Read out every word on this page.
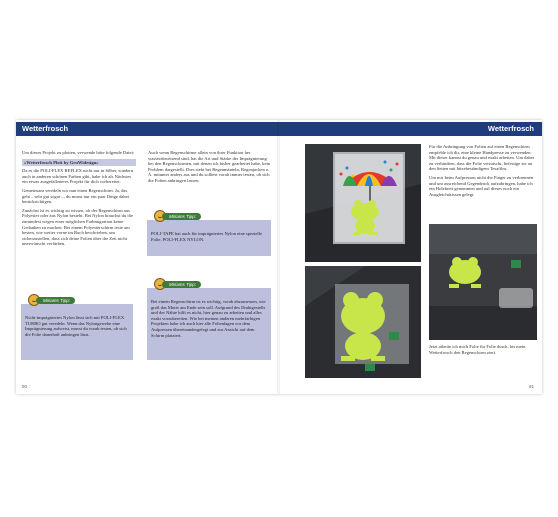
Wetterfrosch

Um dieses Projekt zu plotten, verwende bitte folgende Datei:

»Wetterfrosch Plott by GruWidesign«

Da es die POLI-FLEX REFLEX nicht nur in Silber, sondern auch in anderen schönen Farben gibt, habe ich als Nächstes ein etwas ausgefalleneres Projekt für dich vorbereitet.

Gemeinsam veredeln wir nun einen Regenschirm. Ja, das geht – sehr gut sogar –, du musst nur ein paar Dinge dabei berücksichtigen.

Zunächst ist es wichtig zu wissen, ob der Regenschirm aus Polyester oder aus Nylon besteht. Bei Nylon brauchst du die zumindest wegen einer möglichen Farbmigration keine Gedanken zu machen. Bei einem Polyesterschirm teste am besten, wie weiter vorne im Buch beschrieben, um sicherzustellen, dass sich deine Folien über die Zeit nicht unerwünscht verfärben.

Nicht-imprägniertes Nylon lässt sich mit POLI-FLEX TURBO gut veredeln. Wenn das Nylongewebe eine Imprägnierung aufweist, musst du vorab testen, ob sich die Folie dauerhaft anbringen lässt.
Miriams Tipp:

Auch wenn Regenschirme allein von ihrer Funktion her wasserabweisend sind, hat die Art und Stärke der Imprägnierung bei den Regenschirmen, mit denen ich bisher gearbeitet habe, kein Problem dargestellt. Dies sieht bei Regenmänteln, Regenjacken o. Ä. mitunter anders aus und du solltest vorab immer testen, ob sich die Folien anbringen lassen.

POLI-TAPE hat auch für imprägniertes Nylon eine spezielle Folie, POLI-FLEX NYLON.
Miriams Tipp:
Bei einem Regenschirm ist es wichtig, vorab abzumessen, wie groß das Motiv am Ende sein soll. Aufgrund des Drahtgestells und der Nähte hilft es nicht, hier genau zu arbeiten und alles exakt vorzubereiten. Wie bei meinen anderen mehrfarbigen Projekten habe ich auch hier alle Folienlagen vor dem Aufpressen übereinandergelegt und zur Ansicht auf dem Schirm platziert.
Miriams Tipp:
90
Wetterfrosch

Für die Anbringung von Folien auf einen Regenschirm empfehle ich dir, eine kleine Handpresse zu verwenden. Mit dieser kannst du genau und exakt arbeiten. Um dabei zu verhindern, dass die Folie verrutscht, befestige sie an den Seiten mit hitzebeständigem Tesafilm.

Um mir beim Aufpressen nicht die Finger zu verbrennen und um ausreichend Gegendruck aufzubringen, habe ich ein Holzbrett genommen und auf dieses noch ein Ausgleichskissen gelegt.

Jetzt arbeite ich mich Folie für Folie durch, bis mein Wetterfrosch den Regenschirm ziert.
91
